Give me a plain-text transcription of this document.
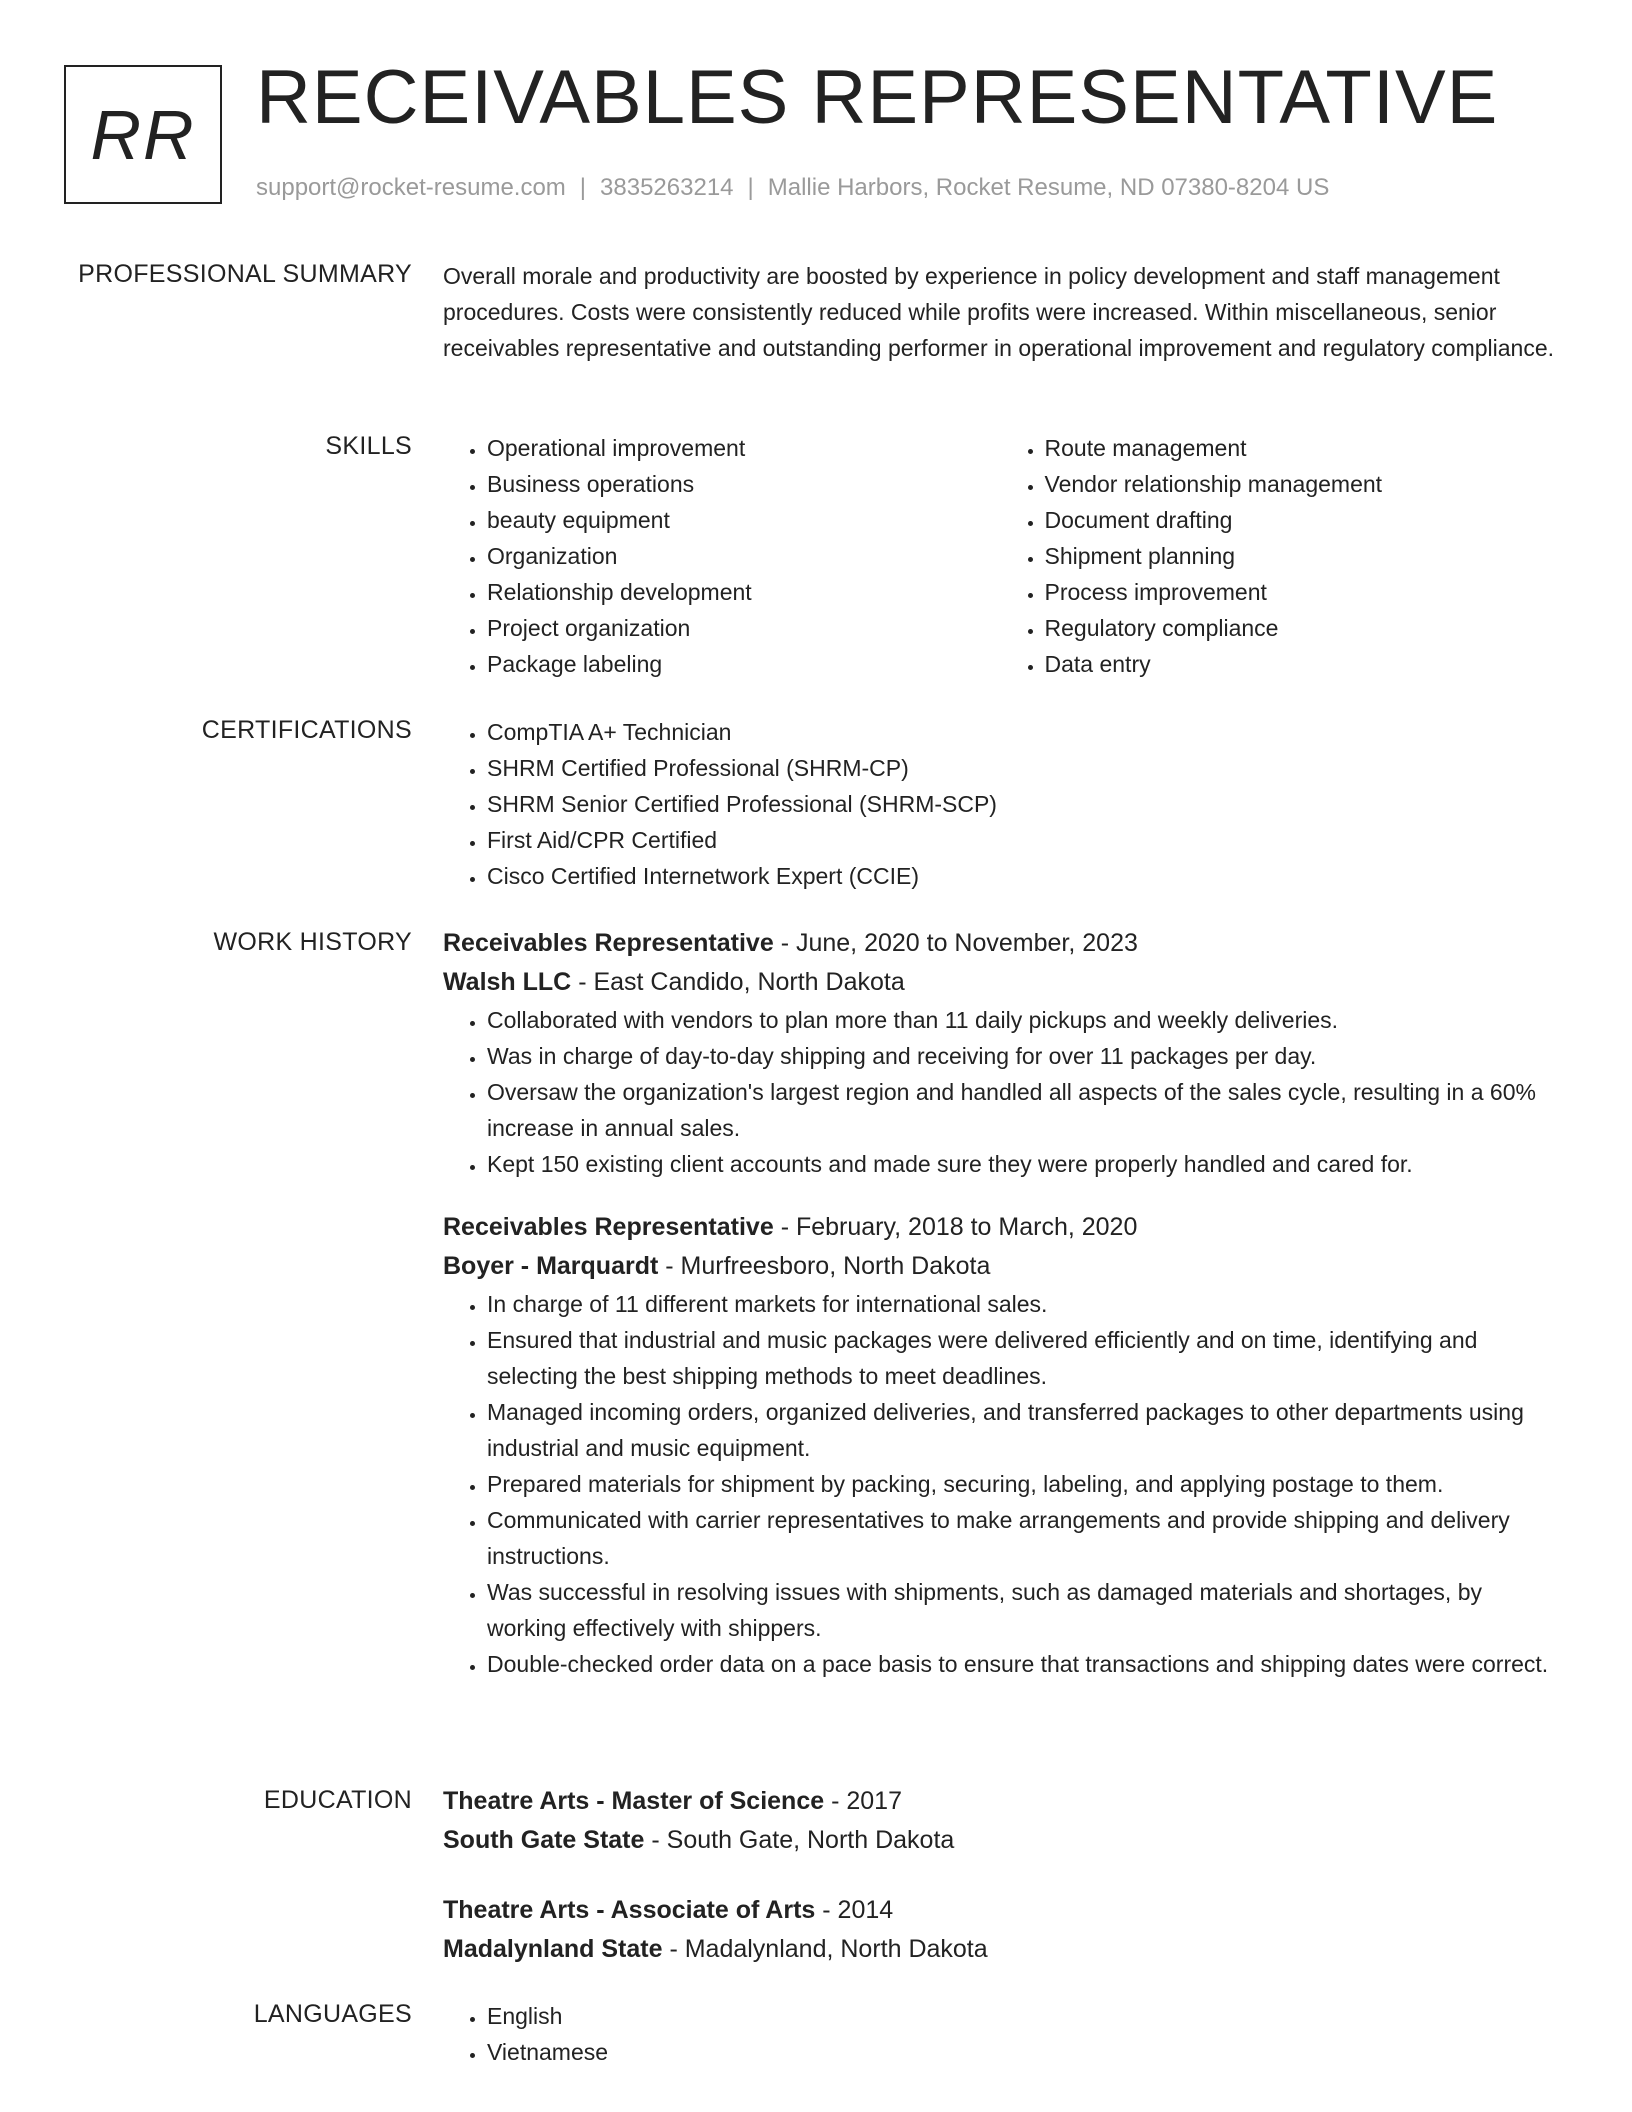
RR RECEIVABLES REPRESENTATIVE
support@rocket-resume.com | 3835263214 | Mallie Harbors, Rocket Resume, ND 07380-8204 US
PROFESSIONAL SUMMARY Overall morale and productivity are boosted by experience in policy development and staff management procedures. Costs were consistently reduced while profits were increased. Within miscellaneous, senior receivables representative and outstanding performer in operational improvement and regulatory compliance.

SKILLS	• Operational improvement
• Business operations
• beauty equipment
• Organization
• Relationship development
• Project organization
• Package labeling
• Route management
• Vendor relationship management
• Document drafting
• Shipment planning
• Process improvement
• Regulatory compliance
• Data entry
CERTIFICATIONS	• CompTIA A+ Technician
• SHRM Certified Professional (SHRM-CP)
• SHRM Senior Certified Professional (SHRM-SCP)
• First Aid/CPR Certified
• Cisco Certified Internetwork Expert (CCIE)
WORK HISTORY Receivables Representative - June, 2020 to November, 2023
Walsh LLC - East Candido, North Dakota
• Collaborated with vendors to plan more than 11 daily pickups and weekly deliveries.
• Was in charge of day-to-day shipping and receiving for over 11 packages per day.
• Oversaw the organization's largest region and handled all aspects of the sales cycle, resulting in a 60% increase in annual sales.
• Kept 150 existing client accounts and made sure they were properly handled and cared for.
Receivables Representative - February, 2018 to March, 2020
Boyer - Marquardt - Murfreesboro, North Dakota
• In charge of 11 different markets for international sales.
• Ensured that industrial and music packages were delivered efficiently and on time, identifying and selecting the best shipping methods to meet deadlines.
• Managed incoming orders, organized deliveries, and transferred packages to other departments using industrial and music equipment.
• Prepared materials for shipment by packing, securing, labeling, and applying postage to them.
• Communicated with carrier representatives to make arrangements and provide shipping and delivery instructions.
• Was successful in resolving issues with shipments, such as damaged materials and shortages, by working effectively with shippers.
• Double-checked order data on a pace basis to ensure that transactions and shipping dates were correct.
EDUCATION Theatre Arts - Master of Science - 2017
South Gate State - South Gate, North Dakota
Theatre Arts - Associate of Arts - 2014
Madalynland State - Madalynland, North Dakota
LANGUAGES	• English
• Vietnamese
